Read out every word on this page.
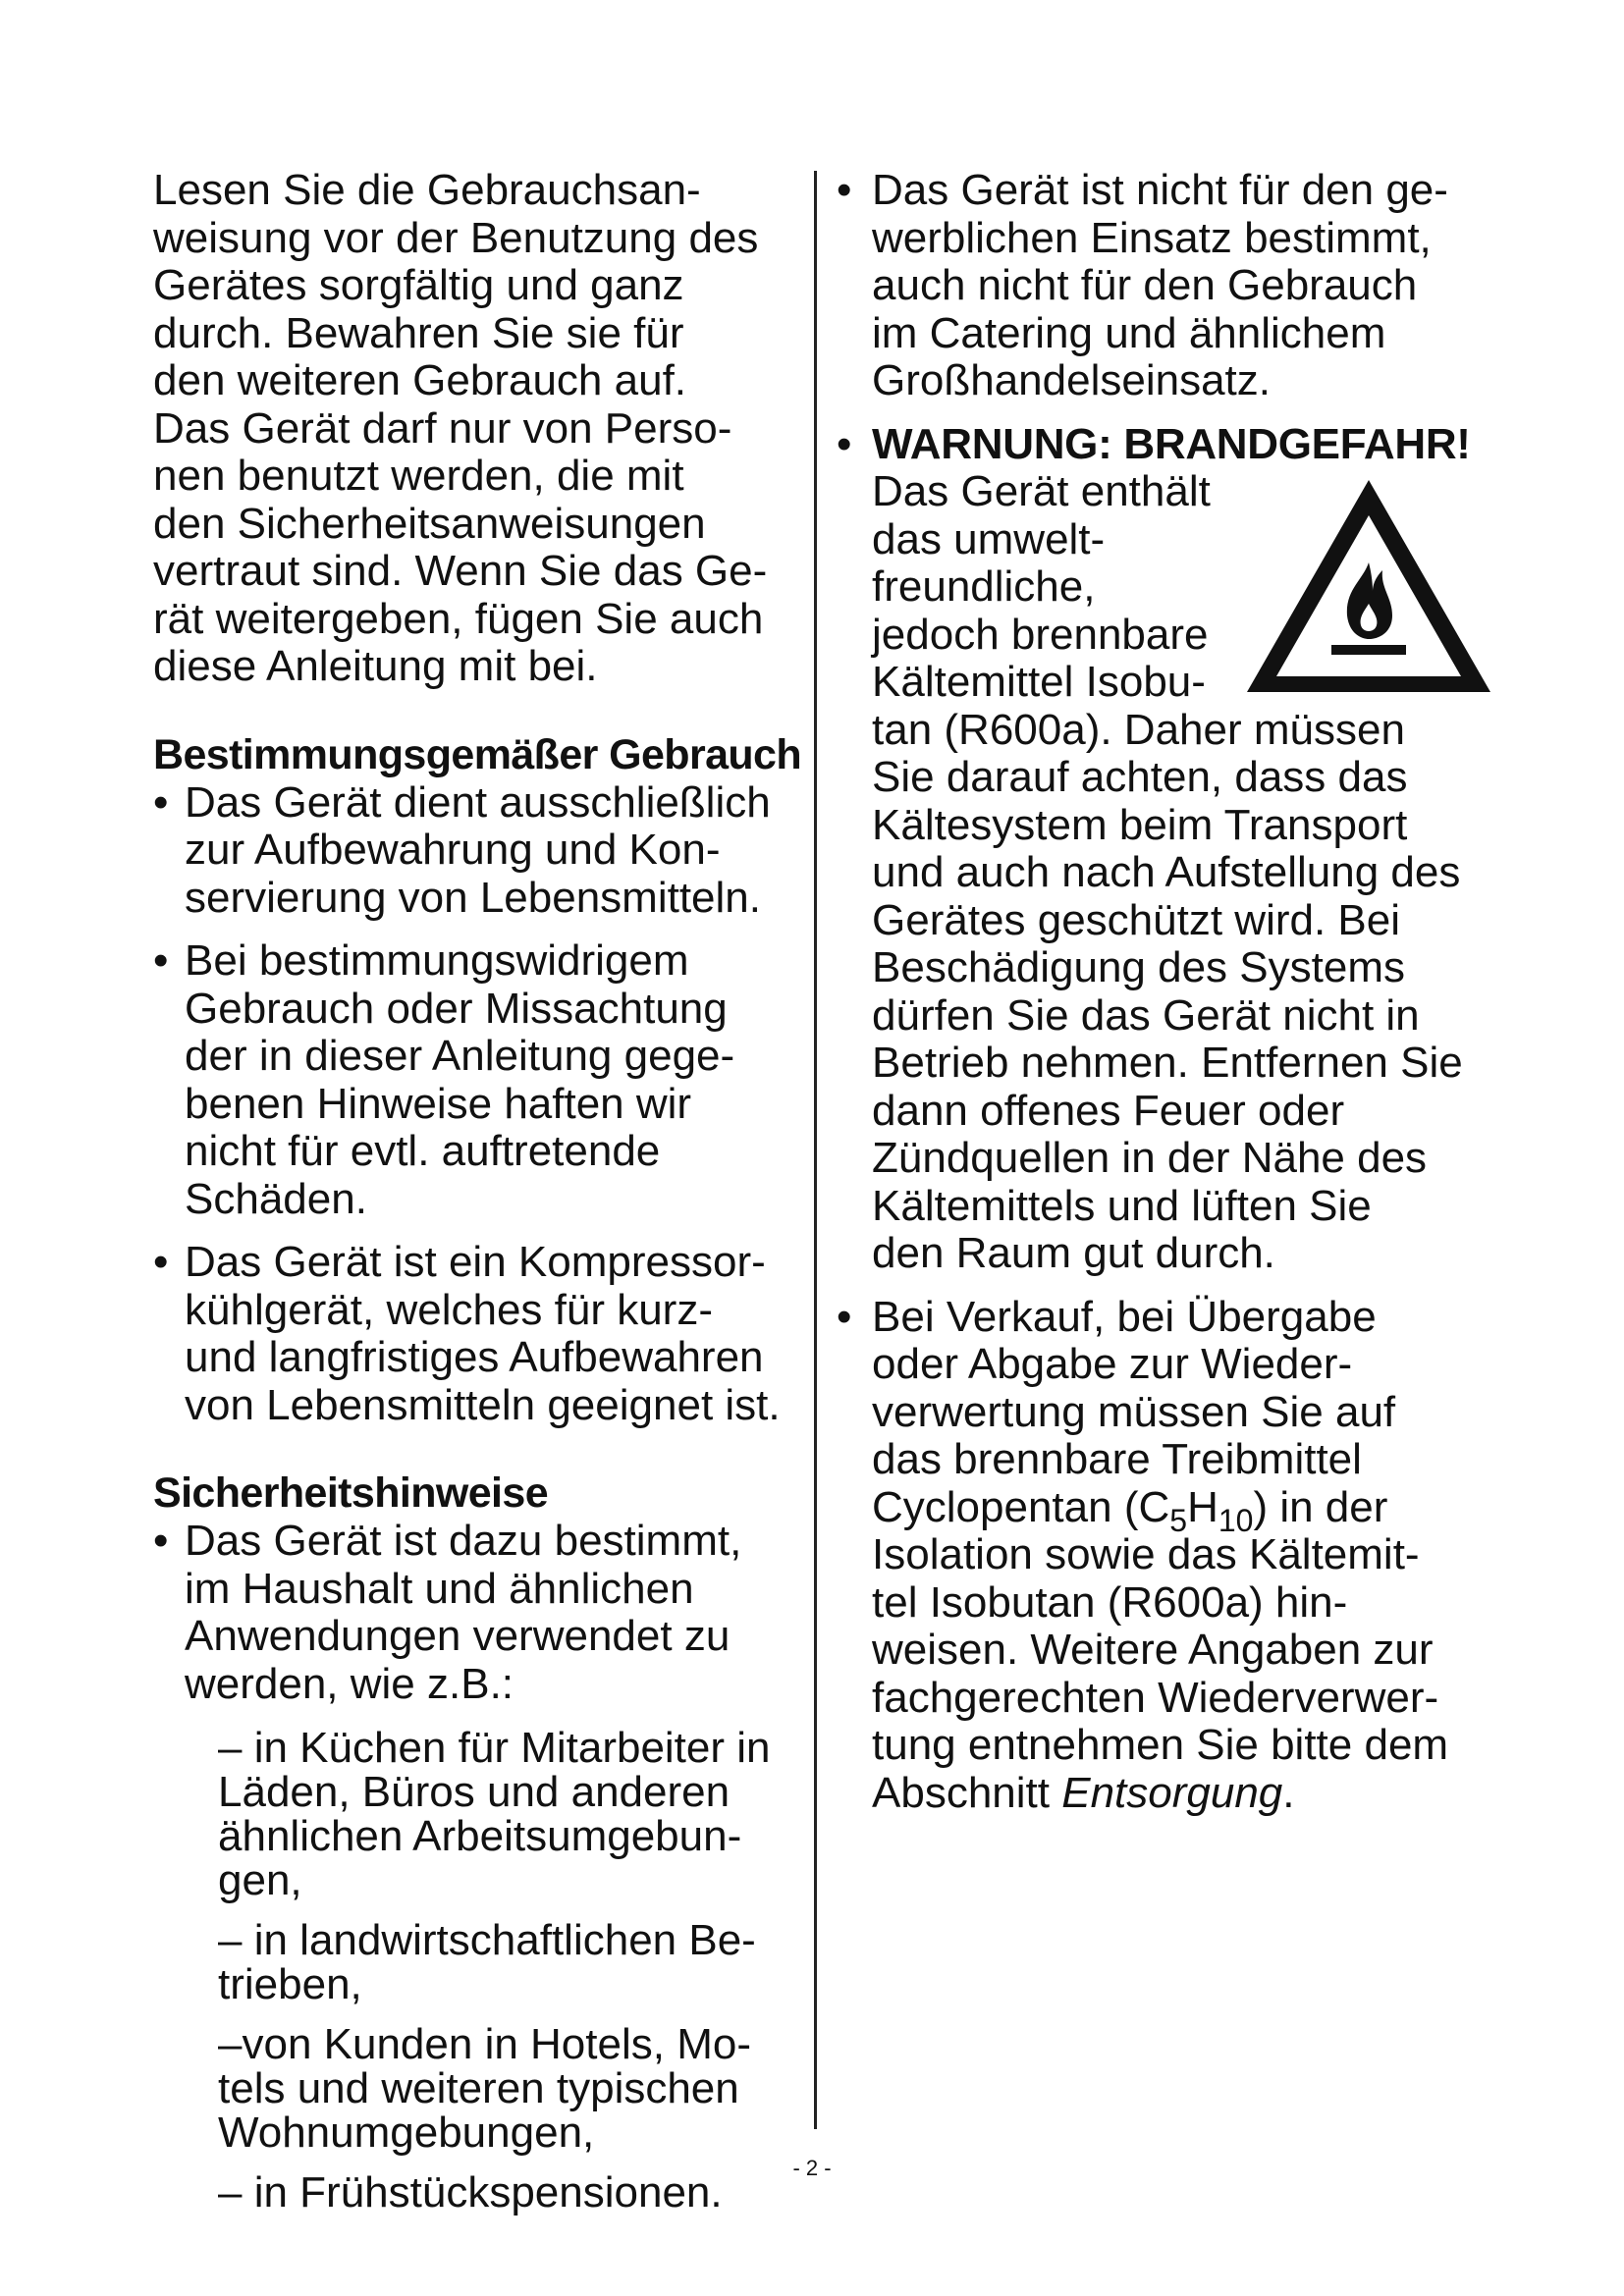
Lesen Sie die Gebrauchsan-
weisung vor der Benutzung des
Gerätes sorgfältig und ganz
durch. Bewahren Sie sie für
den weiteren Gebrauch auf.

Das Gerät darf nur von Perso-
nen benutzt werden, die mit
den Sicherheitsanweisungen
vertraut sind. Wenn Sie das Ge-
rät weitergeben, fügen Sie auch
diese Anleitung mit bei.

Bestimmungsgemäßer Gebrauch
• Das Gerät dient ausschließlich
zur Aufbewahrung und Kon-
servierung von Lebensmitteln.
• Bei bestimmungswidrigem
Gebrauch oder Missachtung
der in dieser Anleitung gege-
benen Hinweise haften wir
nicht für evtl. auftretende
Schäden.
• Das Gerät ist ein Kompressor-
kühlgerät, welches für kurz-
und langfristiges Aufbewahren
von Lebensmitteln geeignet ist.
Sicherheitshinweise
• Das Gerät ist dazu bestimmt,
im Haushalt und ähnlichen
Anwendungen verwendet zu
werden, wie z.B.:
– in Küchen für Mitarbeiter in
Läden, Büros und anderen
ähnlichen Arbeitsumgebun-
gen,
– in landwirtschaftlichen Be-
trieben,
–von Kunden in Hotels, Mo-
tels und weiteren typischen
Wohnumgebungen,
– in Frühstückspensionen.
• Das Gerät ist nicht für den ge-
werblichen Einsatz bestimmt,
auch nicht für den Gebrauch
im Catering und ähnlichem
Großhandelseinsatz.
• WARNUNG: BRANDGEFAHR!

Das Gerät enthält
das umwelt-
freundliche,
jedoch brennbare
Kältemittel Isobu-
tan (R600a). Daher müssen
Sie darauf achten, dass das
Kältesystem beim Transport
und auch nach Aufstellung des
Gerätes geschützt wird. Bei
Beschädigung des Systems
dürfen Sie das Gerät nicht in
Betrieb nehmen. Entfernen Sie
dann offenes Feuer oder
Zündquellen in der Nähe des
Kältemittels und lüften Sie
den Raum gut durch.
• Bei Verkauf, bei Übergabe
oder Abgabe zur Wieder-
verwertung müssen Sie auf
das brennbare Treibmittel
Cyclopentan $(C_5H_{10})$ in der
Isolation sowie das Kältemit-
tel Isobutan (R600a) hin-
weisen. Weitere Angaben zur
fachgerechten Wiederverwer-
tung entnehmen Sie bitte dem
Abschnitt Entsorgung.
- 2 -
